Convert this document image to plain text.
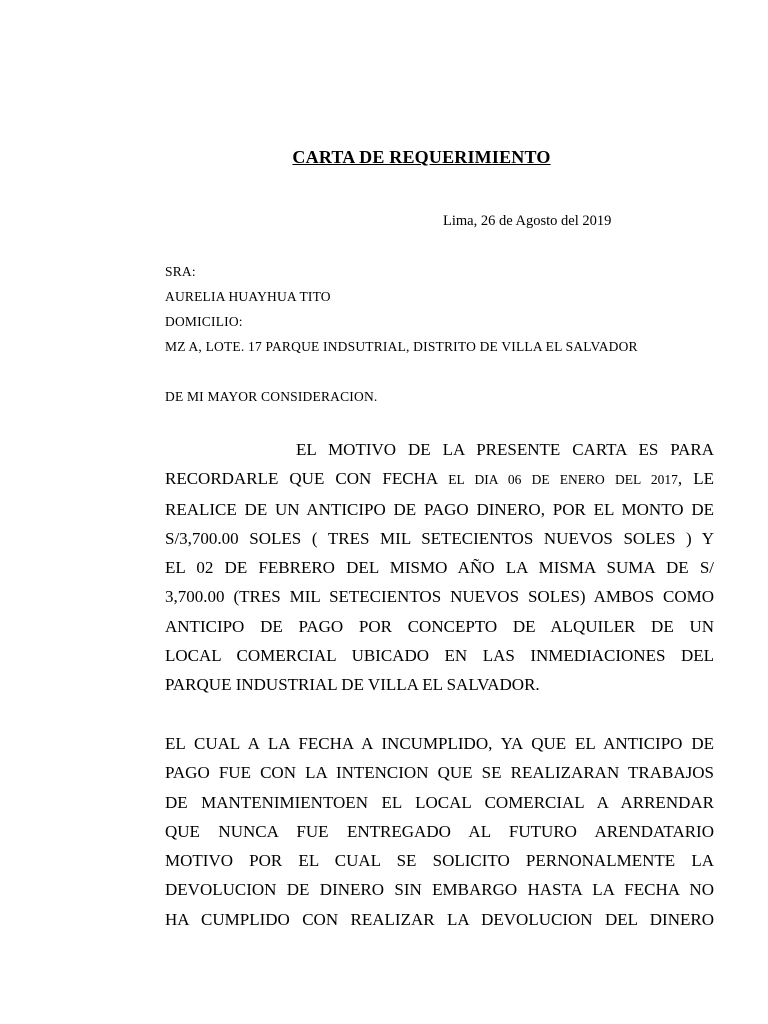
CARTA DE REQUERIMIENTO
Lima, 26 de Agosto del 2019
SRA:
AURELIA HUAYHUA TITO
DOMICILIO:
MZ A, LOTE. 17 PARQUE INDSUTRIAL, DISTRITO DE VILLA EL SALVADOR
DE MI MAYOR CONSIDERACION.
EL MOTIVO DE LA PRESENTE CARTA ES PARA
RECORDARLE QUE CON FECHA EL DIA 06 DE ENERO DEL 2017, LE
REALICE DE UN ANTICIPO DE PAGO DINERO, POR EL MONTO DE
S/3,700.00 SOLES ( TRES MIL SETECIENTOS NUEVOS SOLES ) Y
EL 02 DE FEBRERO DEL MISMO AÑO LA MISMA SUMA DE S/
3,700.00 (TRES MIL SETECIENTOS NUEVOS SOLES) AMBOS COMO
ANTICIPO DE PAGO POR CONCEPTO DE ALQUILER DE UN
LOCAL COMERCIAL UBICADO EN LAS INMEDIACIONES DEL
PARQUE INDUSTRIAL DE VILLA EL SALVADOR.
EL CUAL A LA FECHA A INCUMPLIDO, YA QUE EL ANTICIPO DE
PAGO FUE CON LA INTENCION QUE SE REALIZARAN TRABAJOS
DE MANTENIMIENTOEN EL LOCAL COMERCIAL A ARRENDAR
QUE NUNCA FUE ENTREGADO AL FUTURO ARENDATARIO
MOTIVO POR EL CUAL SE SOLICITO PERNONALMENTE LA
DEVOLUCION DE DINERO SIN EMBARGO HASTA LA FECHA NO
HA CUMPLIDO CON REALIZAR LA DEVOLUCION DEL DINERO
